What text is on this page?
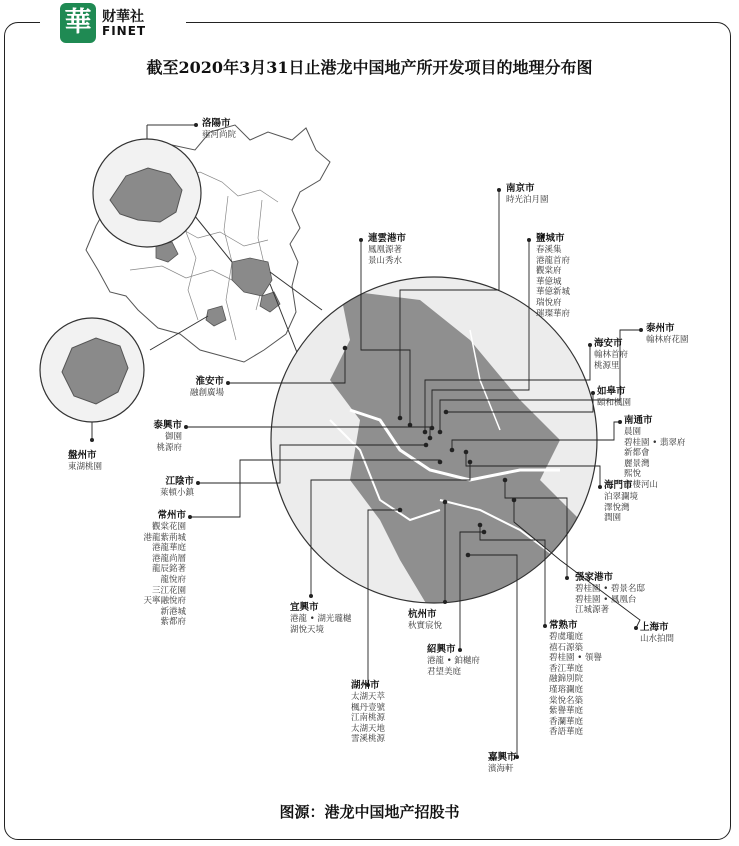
華 财華社
FINET
截至2020年3月31日止港龙中国地产所开发项目的地理分布图
洛陽市
雍河尚院
盤州市
東湖桃園
南京市
時光泊月園
連雲港市
鳳凰源著
景山秀水
鹽城市
春溪集
港龍首府
觀棠府
華億城
華億新城
瑞悅府
璀璨華府
泰州市
翰林府花園
海安市
翰林首府
桃源里
如皋市
頤和楓園
淮安市
融創廣場
泰興市
御園
桃源府
南通市
晨園
碧桂園 • 翡翠府
新都會
麗景灣
熙悅
雲棲河山
江陰市
萊頓小鎮
海門市
泊翠瀾境
澤悅灣
潤園
常州市
觀棠花園
港龍紫荊城
港龍華庭
港龍尚層
龍辰銘著
龍悅府
三江花園
天寧融悅府
新港城
紫都府
張家港市
碧桂園 • 碧景名邸
碧桂園 • 鳳凰台
江城源著
上海市
山水拍間
宜興市
港龍 • 湖光瓏樾
湖悅天境
杭州市
秋實宸悅
紹興市
港龍 • 鉑樾府
君望美庭
常熟市
碧虞瓏庭
禧石源築
碧桂園 • 領譽
香江華庭
融錦別院
瑾瑢瀾庭
棠悅名築
紫譽華庭
香瀾華庭
香語華庭
湖州市
太湖天萃
楓丹壹號
江南桃源
太湖天地
霅溪桃源
嘉興市
濱海軒
图源：港龙中国地产招股书
